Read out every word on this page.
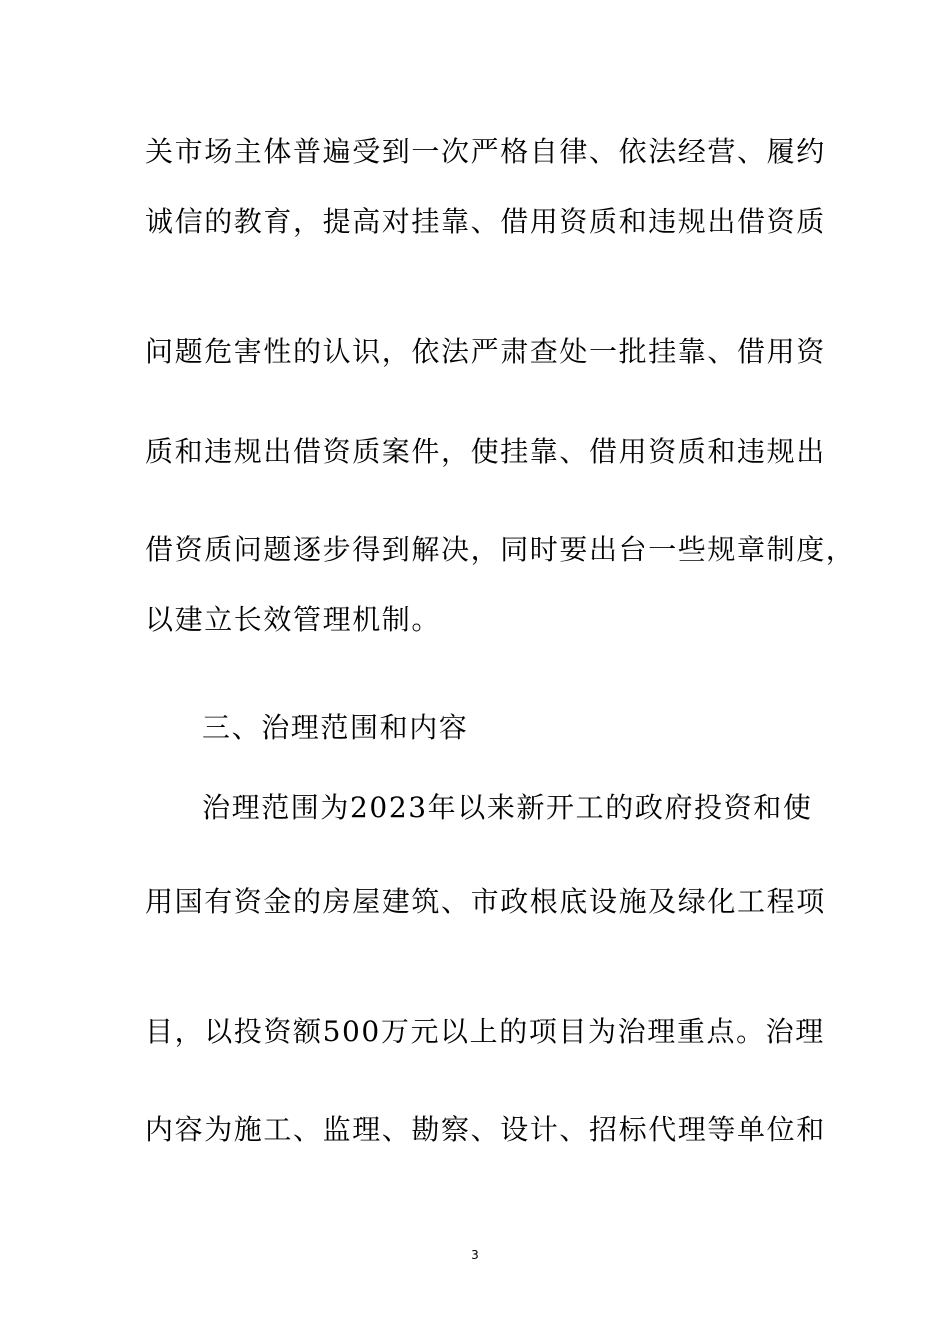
关市场主体普遍受到一次严格自律、依法经营、履约
诚信的教育，提高对挂靠、借用资质和违规出借资质
问题危害性的认识，依法严肃查处一批挂靠、借用资
质和违规出借资质案件，使挂靠、借用资质和违规出
借资质问题逐步得到解决，同时要出台一些规章制度，
以建立长效管理机制。
三、治理范围和内容
治理范围为2023年以来新开工的政府投资和使
用国有资金的房屋建筑、市政根底设施及绿化工程项
目，以投资额500万元以上的项目为治理重点。治理
内容为施工、监理、勘察、设计、招标代理等单位和
3
